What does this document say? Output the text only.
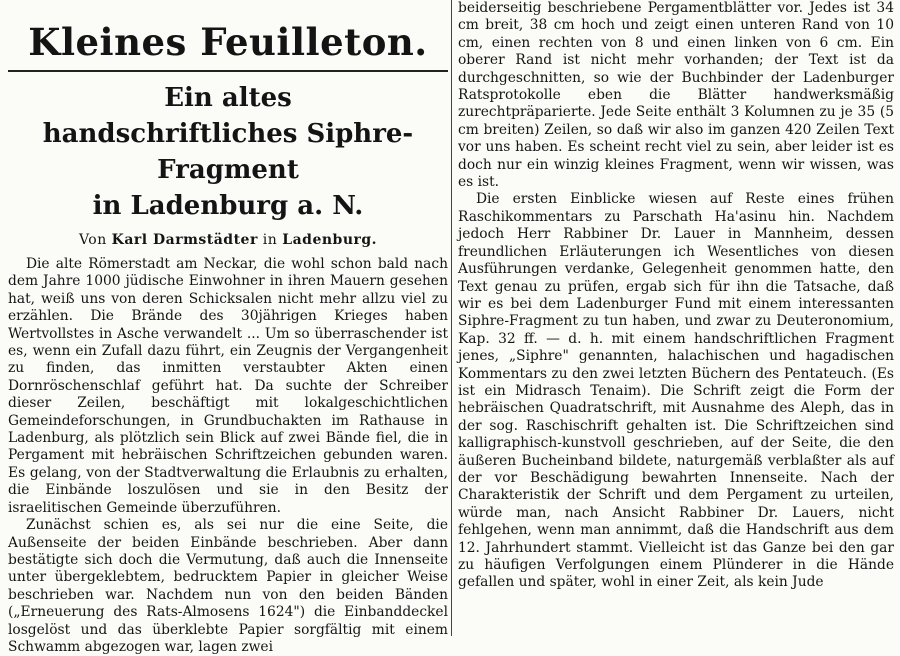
Kleines Feuilleton.
Ein altes
handschriftliches Siphre-Fragment
in Ladenburg a. N.
Von Karl Darmstädter in Ladenburg.

Die alte Römerstadt am Neckar, die wohl schon bald nach dem Jahre 1000 jüdische Einwohner in ihren Mauern gesehen hat, weiß uns von deren Schicksalen nicht mehr allzu viel zu erzählen. Die Brände des 30jährigen Krieges haben Wertvollstes in Asche verwandelt ... Um so überraschender ist es, wenn ein Zufall dazu führt, ein Zeugnis der Vergangenheit zu finden, das inmitten verstaubter Akten einen Dornröschenschlaf geführt hat. Da suchte der Schreiber dieser Zeilen, beschäftigt mit lokalgeschichtlichen Gemeindeforschungen, in Grundbuchakten im Rathause in Ladenburg, als plötzlich sein Blick auf zwei Bände fiel, die in Pergament mit hebräischen Schriftzeichen gebunden waren. Es gelang, von der Stadtverwaltung die Erlaubnis zu erhalten, die Einbände loszulösen und sie in den Besitz der israelitischen Gemeinde überzuführen.

Zunächst schien es, als sei nur die eine Seite, die Außenseite der beiden Einbände beschrieben. Aber dann bestätigte sich doch die Vermutung, daß auch die Innenseite unter übergeklebtem, bedrucktem Papier in gleicher Weise beschrieben war. Nachdem nun von den beiden Bänden („Erneuerung des Rats-Almosens 1624") die Einbanddeckel losgelöst und das überklebte Papier sorgfältig mit einem Schwamm abgezogen war, lagen zwei

beiderseitig beschriebene Pergamentblätter vor. Jedes ist 34 cm breit, 38 cm hoch und zeigt einen unteren Rand von 10 cm, einen rechten von 8 und einen linken von 6 cm. Ein oberer Rand ist nicht mehr vorhanden; der Text ist da durchgeschnitten, so wie der Buchbinder der Ladenburger Ratsprotokolle eben die Blätter handwerksmäßig zurechtpräparierte. Jede Seite enthält 3 Kolumnen zu je 35 (5 cm breiten) Zeilen, so daß wir also im ganzen 420 Zeilen Text vor uns haben. Es scheint recht viel zu sein, aber leider ist es doch nur ein winzig kleines Fragment, wenn wir wissen, was es ist.

Die ersten Einblicke wiesen auf Reste eines frühen Raschikommentars zu Parschath Ha'asinu hin. Nachdem jedoch Herr Rabbiner Dr. Lauer in Mannheim, dessen freundlichen Erläuterungen ich Wesentliches von diesen Ausführungen verdanke, Gelegenheit genommen hatte, den Text genau zu prüfen, ergab sich für ihn die Tatsache, daß wir es bei dem Ladenburger Fund mit einem interessanten Siphre-Fragment zu tun haben, und zwar zu Deuteronomium, Kap. 32 ff. — d. h. mit einem handschriftlichen Fragment jenes, „Siphre" genannten, halachischen und hagadischen Kommentars zu den zwei letzten Büchern des Pentateuch. (Es ist ein Midrasch Tenaim). Die Schrift zeigt die Form der hebräischen Quadratschrift, mit Ausnahme des Aleph, das in der sog. Raschischrift gehalten ist. Die Schriftzeichen sind kalligraphisch-kunstvoll geschrieben, auf der Seite, die den äußeren Bucheinband bildete, naturgemäß verblaßter als auf der vor Beschädigung bewahrten Innenseite. Nach der Charakteristik der Schrift und dem Pergament zu urteilen, würde man, nach Ansicht Rabbiner Dr. Lauers, nicht fehlgehen, wenn man annimmt, daß die Handschrift aus dem 12. Jahrhundert stammt. Vielleicht ist das Ganze bei den gar zu häufigen Verfolgungen einem Plünderer in die Hände gefallen und später, wohl in einer Zeit, als kein Jude
